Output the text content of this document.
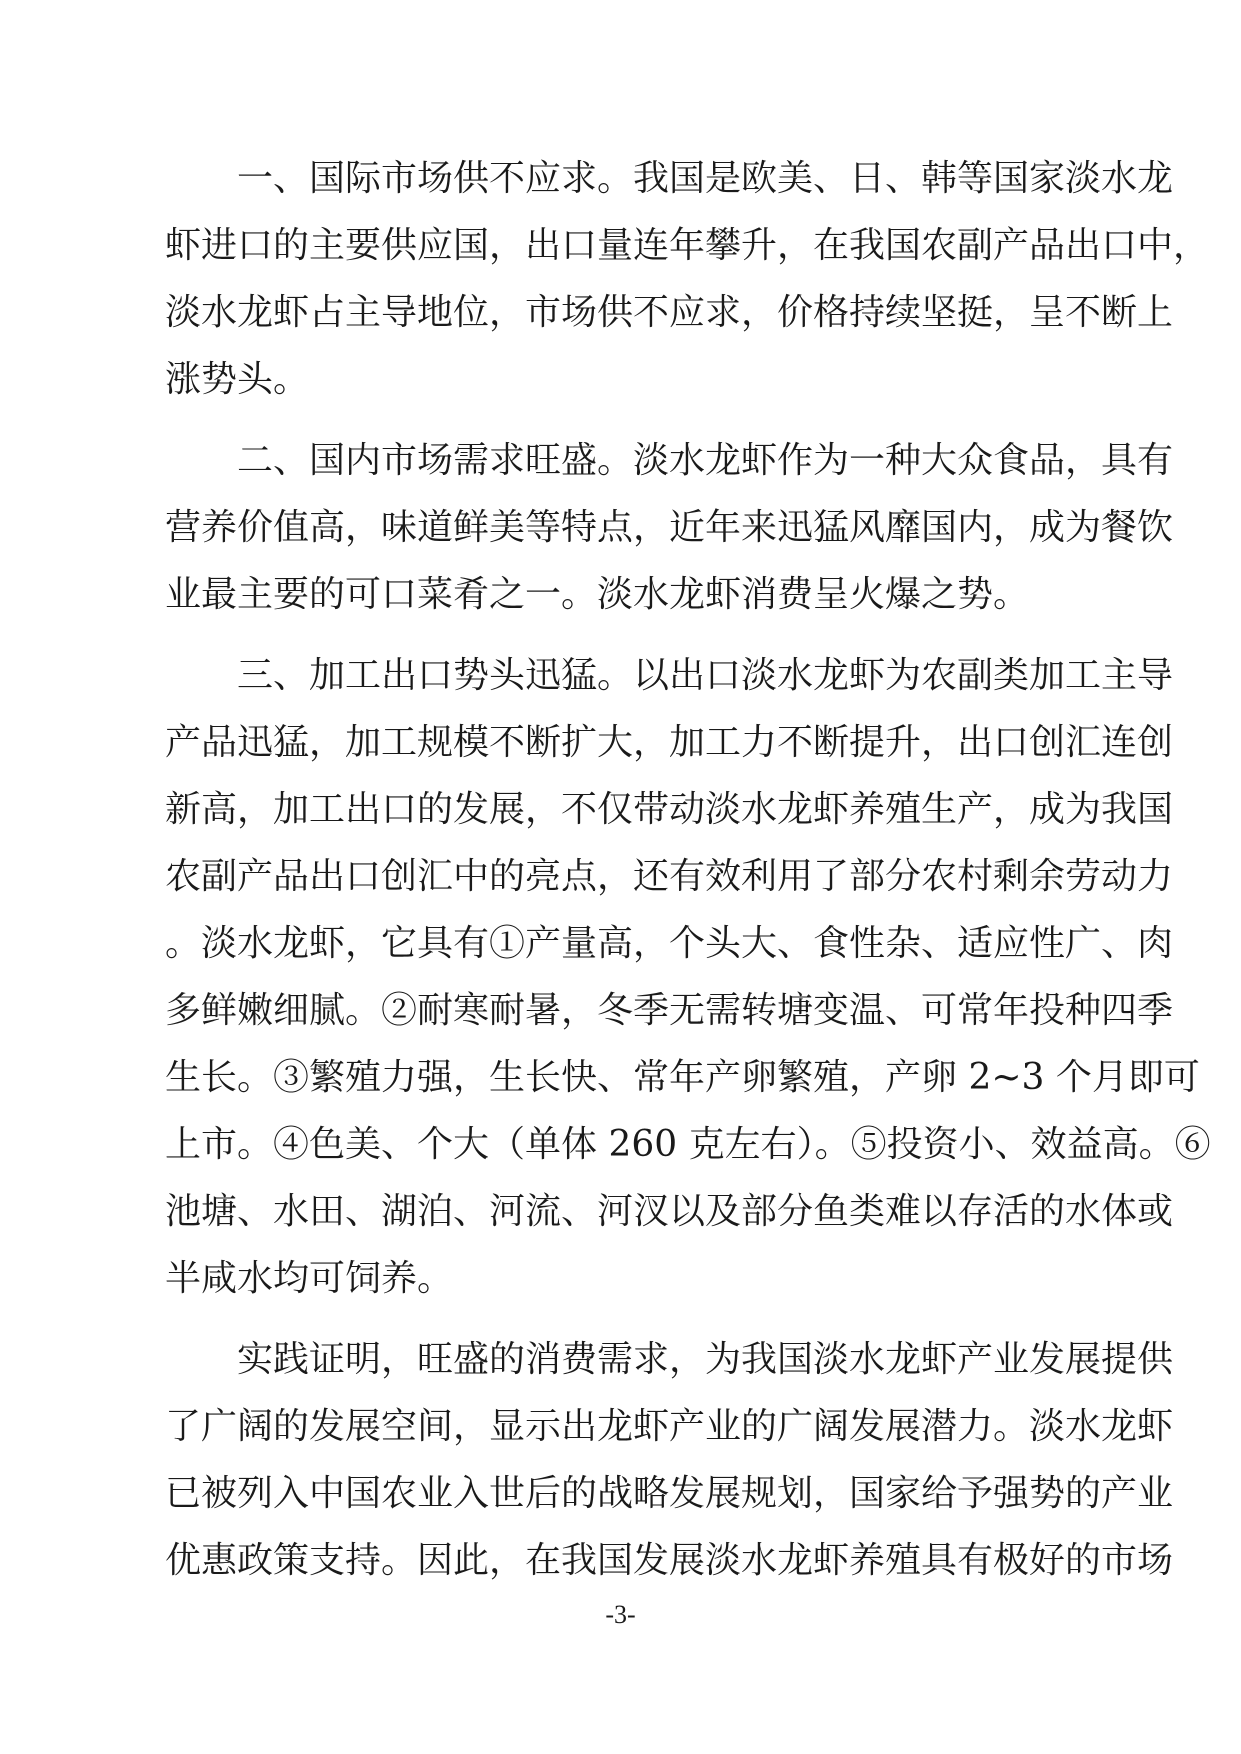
一、国际市场供不应求。我国是欧美、日、韩等国家淡水龙
虾进口的主要供应国，出口量连年攀升，在我国农副产品出口中，
淡水龙虾占主导地位，市场供不应求，价格持续坚挺，呈不断上
涨势头。
二、国内市场需求旺盛。淡水龙虾作为一种大众食品，具有
营养价值高，味道鲜美等特点，近年来迅猛风靡国内，成为餐饮
业最主要的可口菜肴之一。淡水龙虾消费呈火爆之势。
三、加工出口势头迅猛。以出口淡水龙虾为农副类加工主导
产品迅猛，加工规模不断扩大，加工力不断提升，出口创汇连创
新高，加工出口的发展，不仅带动淡水龙虾养殖生产，成为我国
农副产品出口创汇中的亮点，还有效利用了部分农村剩余劳动力
。淡水龙虾，它具有①产量高，个头大、食性杂、适应性广、肉
多鲜嫩细腻。②耐寒耐暑，冬季无需转塘变温、可常年投种四季
生长。③繁殖力强，生长快、常年产卵繁殖，产卵 2~3 个月即可
上市。④色美、个大（单体 260 克左右）。⑤投资小、效益高。⑥
池塘、水田、湖泊、河流、河汊以及部分鱼类难以存活的水体或
半咸水均可饲养。
实践证明，旺盛的消费需求，为我国淡水龙虾产业发展提供
了广阔的发展空间，显示出龙虾产业的广阔发展潜力。淡水龙虾
已被列入中国农业入世后的战略发展规划，国家给予强势的产业
优惠政策支持。因此，在我国发展淡水龙虾养殖具有极好的市场
-3-
